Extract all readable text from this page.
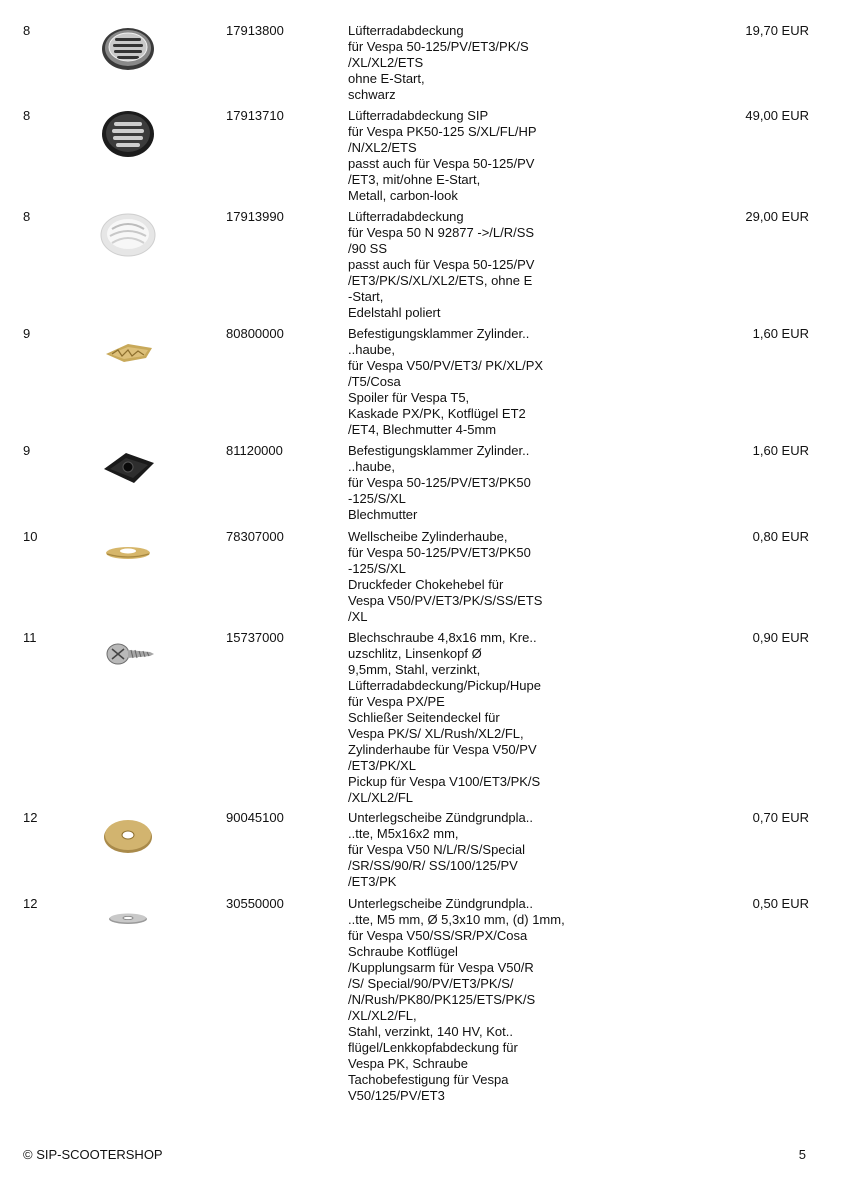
8	17913800	Lüfterradabdeckung
für Vespa 50-125/PV/ET3/PK/S
/XL/XL2/ETS
ohne E-Start,
schwarz
19,70 EUR
8	17913710	Lüfterradabdeckung SIP
für Vespa PK50-125 S/XL/FL/HP
/N/XL2/ETS
passt auch für Vespa 50-125/PV
/ET3, mit/ohne E-Start,
Metall, carbon-look
49,00 EUR
8	17913990	Lüfterradabdeckung
für Vespa 50 N 92877 ->/L/R/SS
/90 SS
passt auch für Vespa 50-125/PV
/ET3/PK/S/XL/XL2/ETS, ohne E
-Start,
Edelstahl poliert
29,00 EUR
9	80800000	Befestigungsklammer Zylinder..
..haube,
für Vespa V50/PV/ET3/ PK/XL/PX
/T5/Cosa
Spoiler für Vespa T5,
Kaskade PX/PK, Kotflügel ET2
/ET4, Blechmutter 4-5mm
1,60 EUR
9	81120000	Befestigungsklammer Zylinder..
..haube,
für Vespa 50-125/PV/ET3/PK50
-125/S/XL
Blechmutter
1,60 EUR
10	78307000	Wellscheibe Zylinderhaube,
für Vespa 50-125/PV/ET3/PK50
-125/S/XL
Druckfeder Chokehebel für
Vespa V50/PV/ET3/PK/S/SS/ETS
/XL
0,80 EUR
11	15737000	Blechschraube 4,8x16 mm, Kre..
uzschlitz, Linsenkopf Ø
9,5mm, Stahl, verzinkt,
Lüfterradabdeckung/Pickup/Hupe
für Vespa PX/PE
Schließer Seitendeckel für
Vespa PK/S/ XL/Rush/XL2/FL,
Zylinderhaube für Vespa V50/PV
/ET3/PK/XL
Pickup für Vespa V100/ET3/PK/S
/XL/XL2/FL
0,90 EUR
12	90045100	Unterlegscheibe Zündgrundpla..
..tte, M5x16x2 mm,
für Vespa V50 N/L/R/S/Special
/SR/SS/90/R/ SS/100/125/PV
/ET3/PK
0,70 EUR
12	30550000	Unterlegscheibe Zündgrundpla..
..tte, M5 mm, Ø 5,3x10 mm, (d) 1mm,
für Vespa V50/SS/SR/PX/Cosa
Schraube Kotflügel
/Kupplungsarm für Vespa V50/R
/S/ Special/90/PV/ET3/PK/S/
/N/Rush/PK80/PK125/ETS/PK/S
/XL/XL2/FL,
Stahl, verzinkt, 140 HV, Kot..
flügel/Lenkkopfabdeckung für
Vespa PK, Schraube
Tachobefestigung für Vespa
V50/125/PV/ET3
0,50 EUR
© SIP-SCOOTERSHOP	5
